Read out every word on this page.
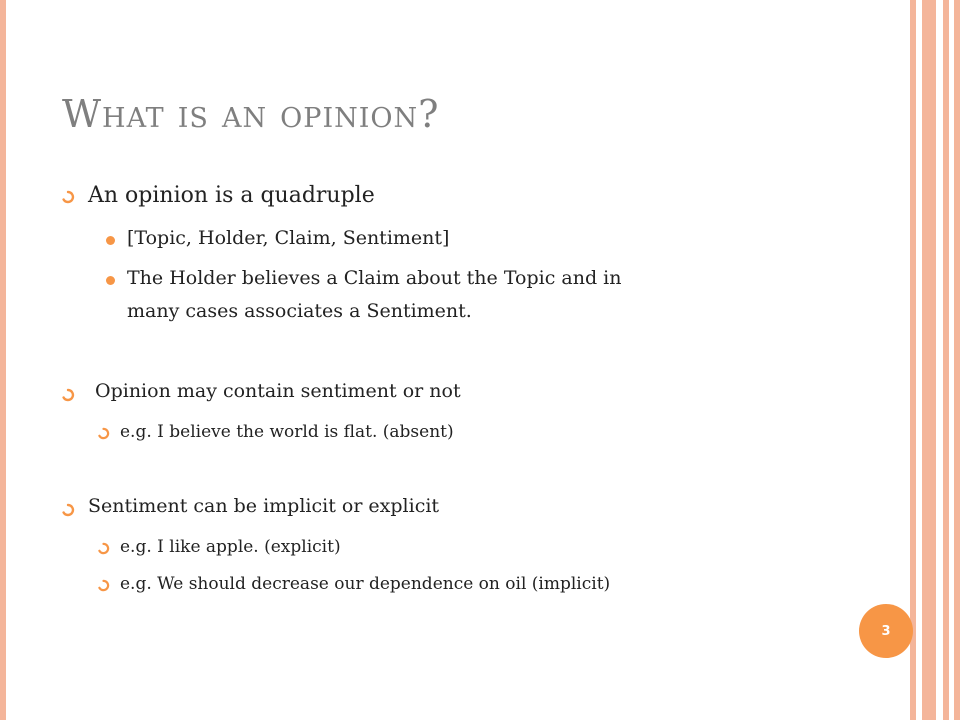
What is an opinion?
An opinion is a quadruple
[Topic, Holder, Claim, Sentiment]
The Holder believes a Claim about the Topic and in
many cases associates a Sentiment.
Opinion may contain sentiment or not
e.g. I believe the world is flat. (absent)
Sentiment can be implicit or explicit
e.g. I like apple. (explicit)
e.g. We should decrease our dependence on oil (implicit)
3
